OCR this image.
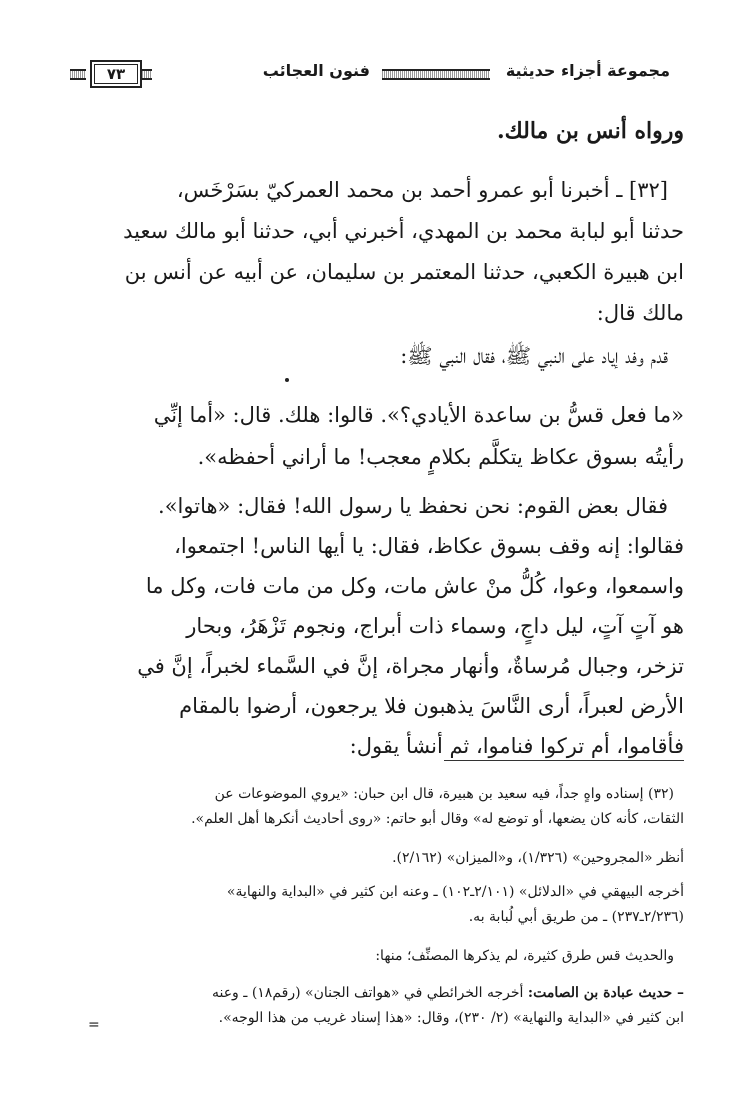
مجموعة أجزاء حديثية
فنون العجائب
٧٣
ورواه أنس بن مالك.
[٣٢] ـ أخبرنا أبو عمرو أحمد بن محمد العمركيّ بسَرْخَس،
حدثنا أبو لبابة محمد بن المهدي، أخبرني أبي، حدثنا أبو مالك سعيد
ابن هبيرة الكعبي، حدثنا المعتمر بن سليمان، عن أبيه عن أنس بن
مالك قال:
قدم وفد إياد على النبي ﷺ، فقال النبي ﷺ:
«ما فعل قسُّ بن ساعدة الأيادي؟». قالوا: هلك. قال: «أما إنِّي
رأيتُه بسوق عكاظ يتكلَّم بكلامٍ معجب! ما أراني أحفظه».
فقال بعض القوم: نحن نحفظ يا رسول الله! فقال: «هاتوا».
فقالوا: إنه وقف بسوق عكاظ، فقال: يا أيها الناس! اجتمعوا،
واسمعوا، وعوا، كُلُّ منْ عاش مات، وكل من مات فات، وكل ما
هو آتٍ آتٍ، ليل داجٍ، وسماء ذات أبراج، ونجوم تَزْهَرُ، وبحار
تزخر، وجبال مُرساةٌ، وأنهار مجراة، إنَّ في السَّماء لخبراً، إنَّ في
الأرض لعبراً، أرى النَّاسَ يذهبون فلا يرجعون، أرضوا بالمقام
فأقاموا، أم تركوا فناموا، ثم أنشأ يقول:
(٣٢) إسناده واهٍ جداً، فيه سعيد بن هبيرة، قال ابن حبان: «يروي الموضوعات عن
الثقات، كأنه كان يضعها، أو توضع له» وقال أبو حاتم: «روى أحاديث أنكرها أهل العلم».
أنظر «المجروحين» (١/٣٢٦)، و«الميزان» (٢/١٦٢).
أخرجه البيهقي في «الدلائل» (٢/١٠١ـ١٠٢) ـ وعنه ابن كثير في «البداية والنهاية»
(٢/٢٣٦ـ٢٣٧) ـ من طريق أبي لُبابة به.
والحديث قس طرق كثيرة، لم يذكرها المصنِّف؛ منها:
– حديث عبادة بن الصامت: أخرجه الخرائطي في «هواتف الجنان» (رقم١٨) ـ وعنه
ابن كثير في «البداية والنهاية» (٢/ ٢٣٠)، وقال: «هذا إسناد غريب من هذا الوجه».
=
